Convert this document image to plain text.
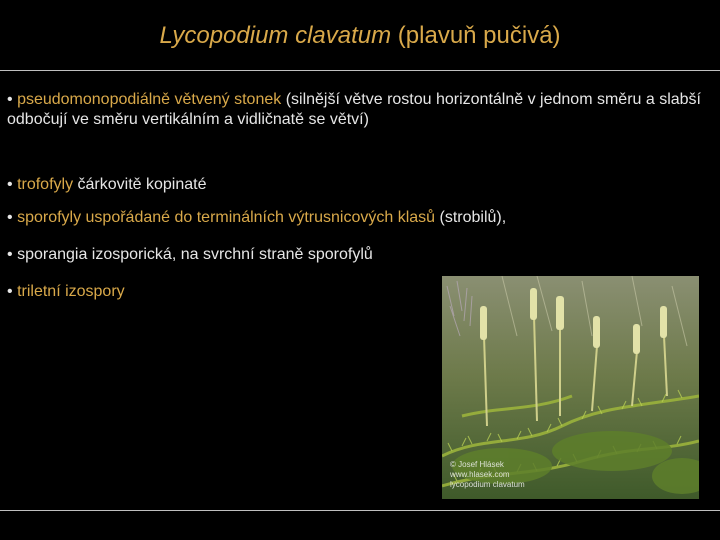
Lycopodium clavatum (plavuň pučivá)

• pseudomonopodiálně větvený stonek (silnější větve rostou horizontálně v jednom směru a slabší odbočují ve směru vertikálním a vidličnatě se větví)

• trofofyly čárkovitě kopinaté

• sporofyly uspořádané do terminálních výtrusnicových klasů (strobilů),

• sporangia izosporická, na svrchní straně sporofylů

• triletní izospory

© Josef Hlásek
www.hlasek.com
lycopodium clavatum
